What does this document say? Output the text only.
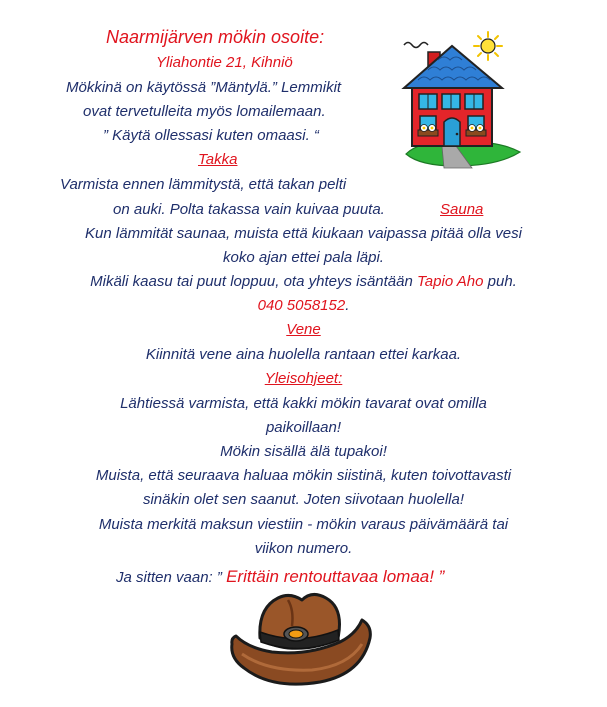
Naarmijärven mökin osoite:
Yliahontie 21, Kihniö
Mökkinä on käytössä ”Mäntylä.” Lemmikit
ovat tervetulleita myös lomailemaan.
” Käytä ollessasi kuten omaasi. “
Takka
Varmista ennen lämmitystä, että takan pelti
on auki. Polta takassa vain kuivaa puuta.	Sauna
Kun lämmität saunaa, muista että kiukaan vaipassa pitää olla vesi
koko ajan ettei pala läpi.
Mikäli kaasu tai puut loppuu, ota yhteys isäntään Tapio Aho puh.
040 5058152.
Vene
Kiinnitä vene aina huolella rantaan ettei karkaa.
Yleisohjeet:
Lähtiessä varmista, että kakki mökin tavarat ovat omilla
paikoillaan!
Mökin sisällä älä tupakoi!
Muista, että seuraava haluaa mökin siistinä, kuten toivottavasti
sinäkin olet sen saanut. Joten siivotaan huolella!
Muista merkitä maksun viestiin - mökin varaus päivämäärä tai
viikon numero.
Ja sitten vaan: ” Erittäin rentouttavaa lomaa! ”
